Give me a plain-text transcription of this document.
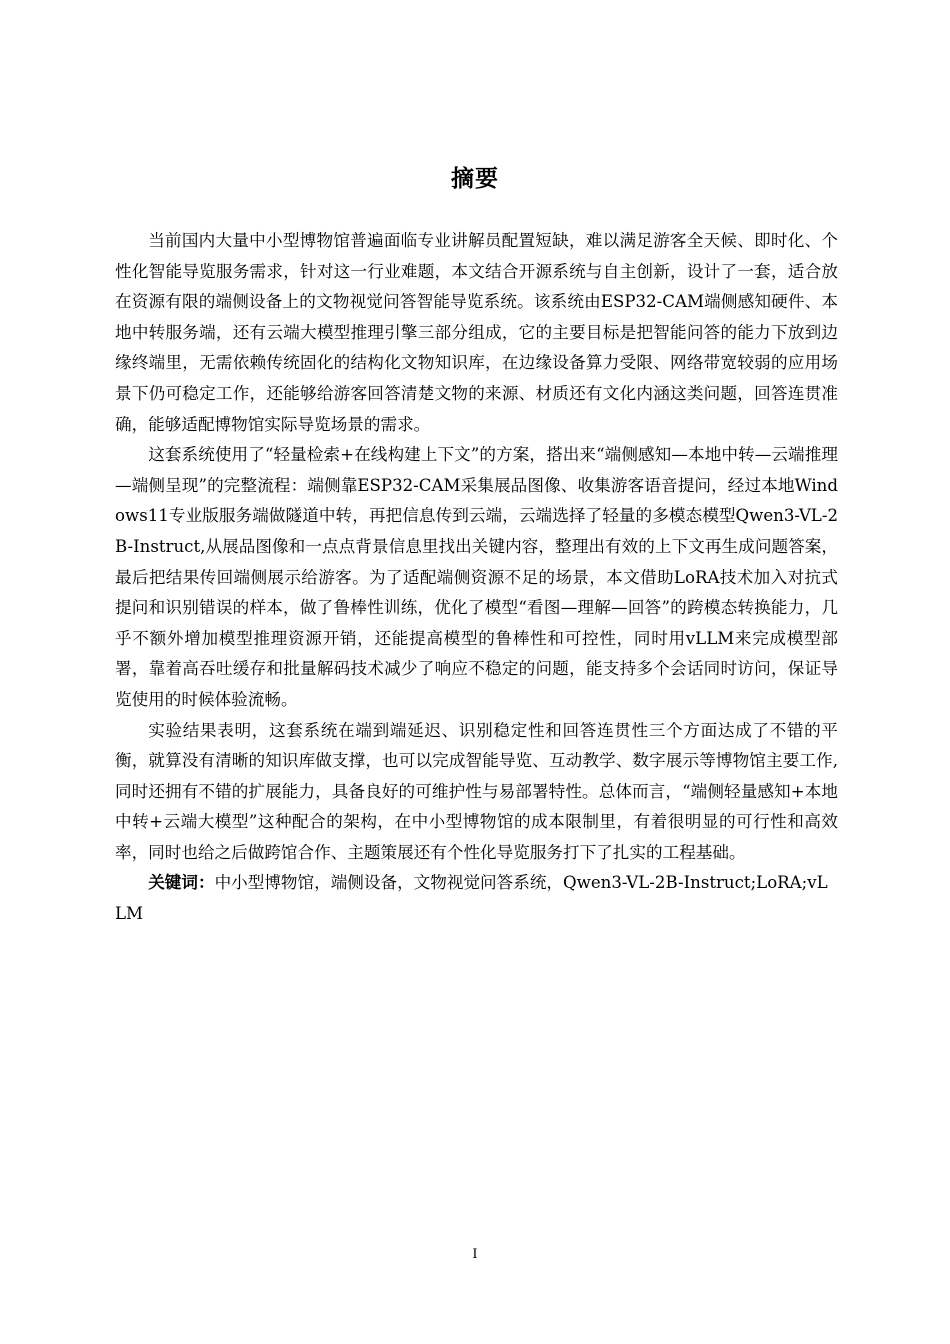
摘要

当前国内大量中小型博物馆普遍面临专业讲解员配置短缺，难以满足游客全天候、即时化、个性化智能导览服务需求，针对这一行业难题，本文结合开源系统与自主创新，设计了一套，适合放在资源有限的端侧设备上的文物视觉问答智能导览系统。该系统由ESP32-CAM端侧感知硬件、本地中转服务端，还有云端大模型推理引擎三部分组成，它的主要目标是把智能问答的能力下放到边缘终端里，无需依赖传统固化的结构化文物知识库，在边缘设备算力受限、网络带宽较弱的应用场景下仍可稳定工作，还能够给游客回答清楚文物的来源、材质还有文化内涵这类问题，回答连贯准确，能够适配博物馆实际导览场景的需求。

这套系统使用了“轻量检索+在线构建上下文”的方案，搭出来“端侧感知—本地中转—云端推理—端侧呈现”的完整流程：端侧靠ESP32-CAM采集展品图像、收集游客语音提问，经过本地Windows11专业版服务端做隧道中转，再把信息传到云端，云端选择了轻量的多模态模型Qwen3-VL-2B-Instruct,从展品图像和一点点背景信息里找出关键内容，整理出有效的上下文再生成问题答案，最后把结果传回端侧展示给游客。为了适配端侧资源不足的场景，本文借助LoRA技术加入对抗式提问和识别错误的样本，做了鲁棒性训练，优化了模型“看图—理解—回答”的跨模态转换能力，几乎不额外增加模型推理资源开销，还能提高模型的鲁棒性和可控性，同时用vLLM来完成模型部署，靠着高吞吐缓存和批量解码技术减少了响应不稳定的问题，能支持多个会话同时访问，保证导览使用的时候体验流畅。

实验结果表明，这套系统在端到端延迟、识别稳定性和回答连贯性三个方面达成了不错的平衡，就算没有清晰的知识库做支撑，也可以完成智能导览、互动教学、数字展示等博物馆主要工作,同时还拥有不错的扩展能力，具备良好的可维护性与易部署特性。总体而言，“端侧轻量感知+本地中转+云端大模型”这种配合的架构，在中小型博物馆的成本限制里，有着很明显的可行性和高效率，同时也给之后做跨馆合作、主题策展还有个性化导览服务打下了扎实的工程基础。

关键词：中小型博物馆，端侧设备，文物视觉问答系统，Qwen3-VL-2B-Instruct;LoRA;vLLM

I
